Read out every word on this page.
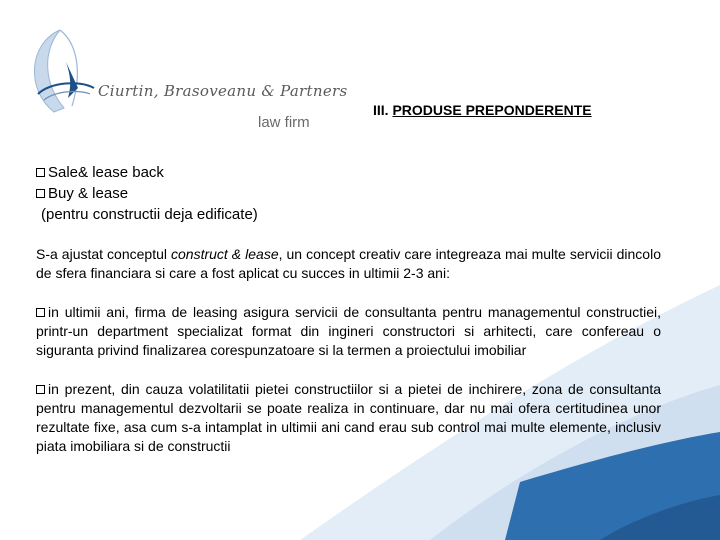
Ciurtin, Brasoveanu & Partners
law firm
III. PRODUSE PREPONDERENTE
Sale& lease back
Buy & lease
(pentru constructii deja edificate)

S-a ajustat conceptul construct & lease, un concept creativ care integreaza mai multe servicii dincolo de sfera financiara si care a fost aplicat cu succes in ultimii 2-3 ani:

in ultimii ani, firma de leasing asigura servicii de consultanta pentru managementul constructiei, printr-un department specializat format din ingineri constructori si arhitecti, care confereau o siguranta privind finalizarea corespunzatoare si la termen a proiectului imobiliar

in prezent, din cauza volatilitatii pietei constructiilor si a pietei de inchirere, zona de consultanta pentru managementul dezvoltarii se poate realiza in continuare, dar nu mai ofera certitudinea unor rezultate fixe, asa cum s-a intamplat in ultimii ani cand erau sub control mai multe elemente, inclusiv piata imobiliara si de constructii
